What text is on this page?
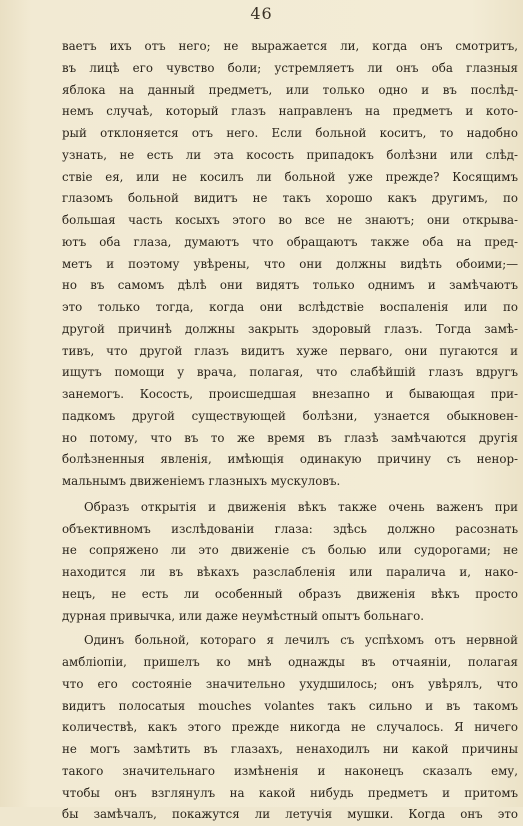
46
ваетъ ихъ отъ него; не выражается ли, когда онъ смотритъ,
въ лицѣ его чувство боли; устремляетъ ли онъ оба глазныя
яблока на данный предметъ, или только одно и въ послѣд-
немъ случаѣ, который глазъ направленъ на предметъ и кото-
рый отклоняется отъ него. Если больной коситъ, то надобно
узнать, не есть ли эта косость припадокъ болѣзни или слѣд-
ствіе ея, или не косилъ ли больной уже прежде? Косящимъ
глазомъ больной видитъ не такъ хорошо какъ другимъ, по
большая часть косыхъ этого во все не знаютъ; они открыва-
ютъ оба глаза, думаютъ что обращаютъ также оба на пред-
метъ и поэтому увѣрены, что они должны видѣть обоими;—
но въ самомъ дѣлѣ они видятъ только однимъ и замѣчаютъ
это только тогда, когда они вслѣдствіе воспаленія или по
другой причинѣ должны закрыть здоровый глазъ. Тогда замѣ-
тивъ, что другой глазъ видитъ хуже перваго, они пугаются и
ищутъ помощи у врача, полагая, что слабѣйшій глазъ вдругъ
занемогъ. Косость, происшедшая внезапно и бывающая при-
падкомъ другой существующей болѣзни, узнается обыкновен-
но потому, что въ то же время въ глазѣ замѣчаются другія
болѣзненныя явленія, имѣющія одинакую причину съ ненор-
мальнымъ движеніемъ глазныхъ мускуловъ.
Образъ открытія и движенія вѣкъ также очень важенъ при
объективномъ изслѣдованіи глаза: здѣсь должно расознать
не сопряжено ли это движеніе съ болью или судорогами; не
находится ли въ вѣкахъ разслабленія или паралича и, нако-
нецъ, не есть ли особенный образъ движенія вѣкъ просто
дурная привычка, или даже неумѣстный опытъ больнаго.
Одинъ больной, котораго я лечилъ съ успѣхомъ отъ нервной
амбліопіи, пришелъ ко мнѣ однажды въ отчаяніи, полагая
что его состояніе значительно ухудшилось; онъ увѣрялъ, что
видитъ полосатыя mouches volantes такъ сильно и въ такомъ
количествѣ, какъ этого прежде никогда не случалось. Я ничего
не могъ замѣтить въ глазахъ, ненаходилъ ни какой причины
такого значительнаго измѣненія и наконецъ сказалъ ему,
чтобы онъ взглянулъ на какой нибудь предметъ и притомъ
бы замѣчалъ, покажутся ли летучія мушки. Когда онъ это
